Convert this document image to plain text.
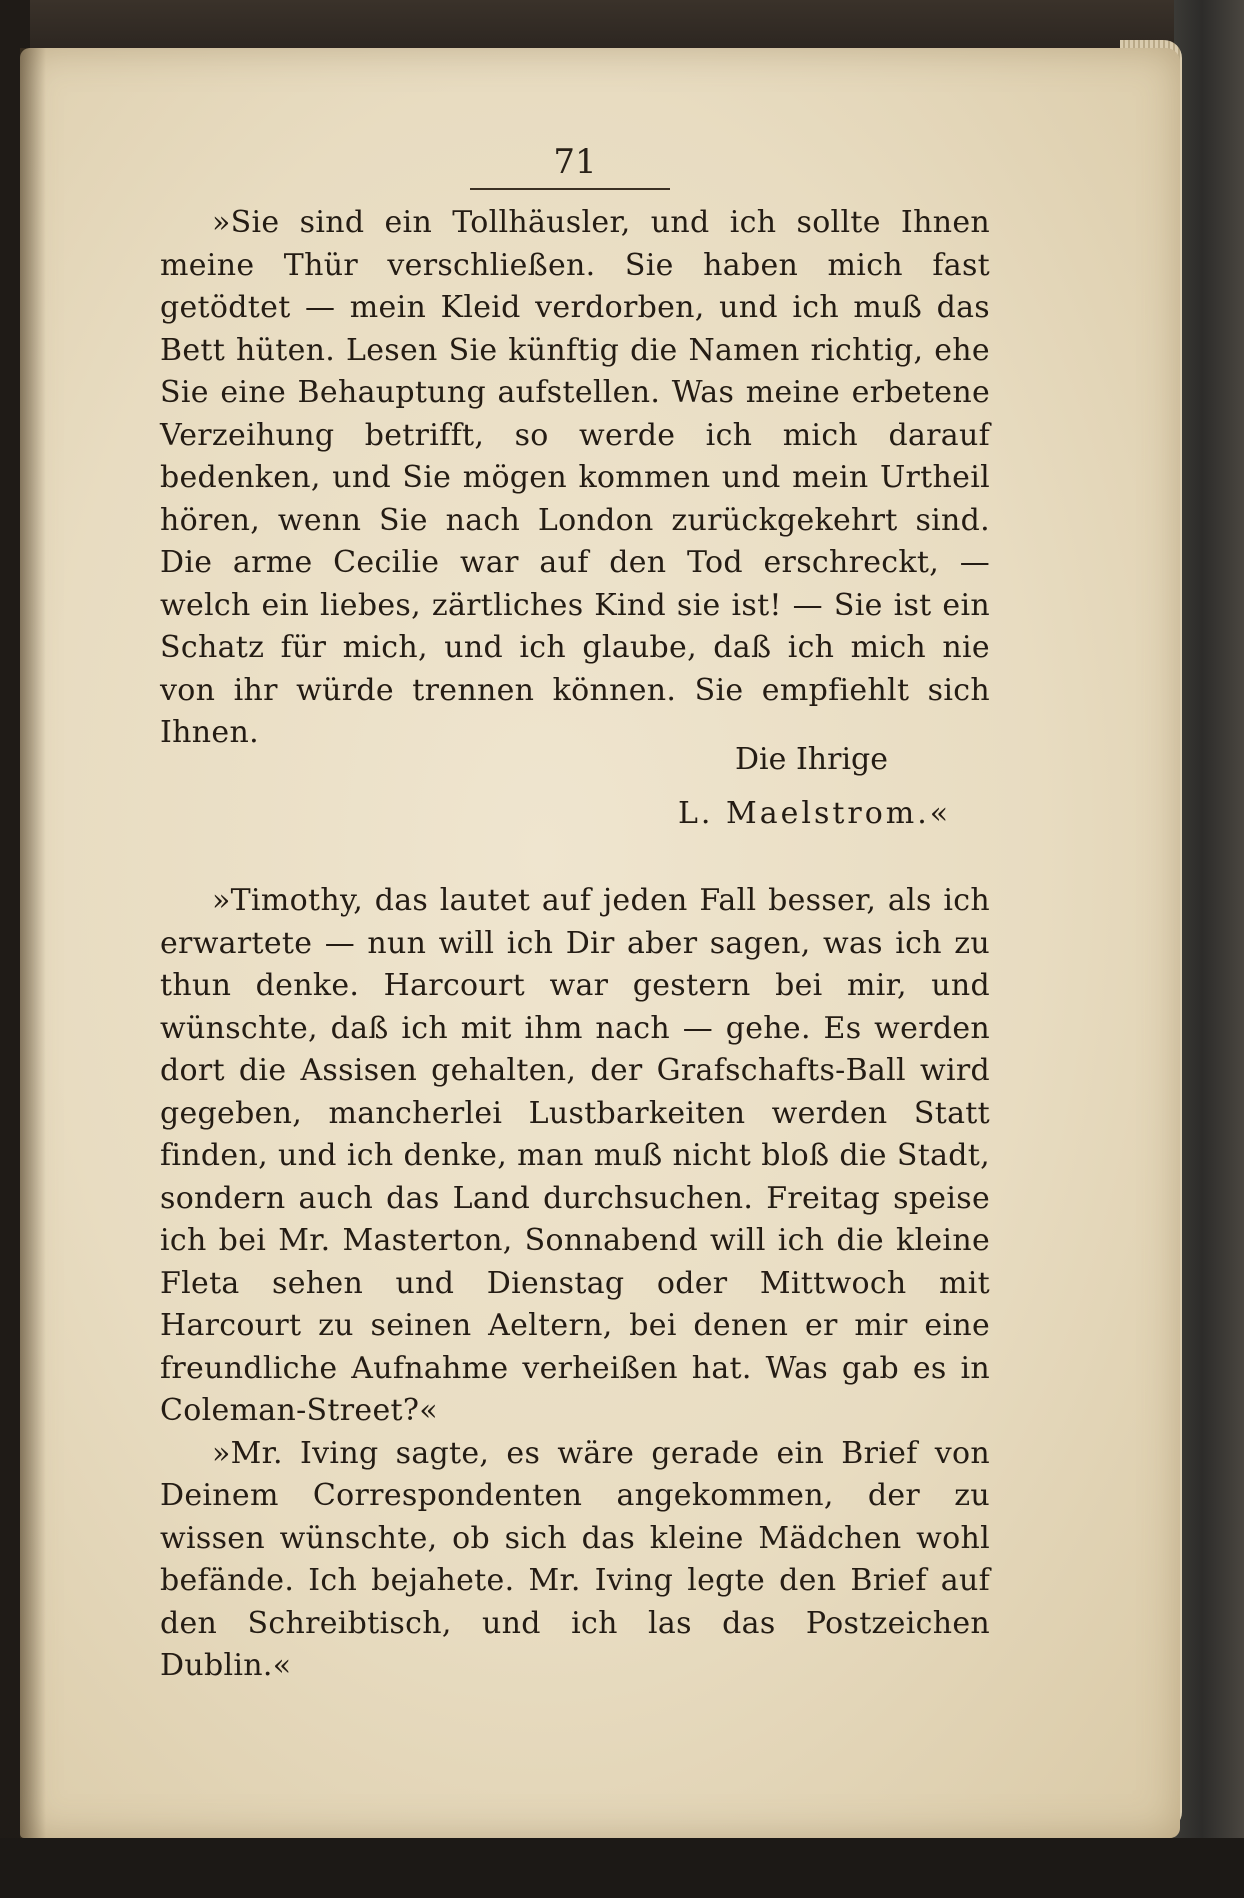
71

»Sie sind ein Tollhäusler, und ich sollte Ihnen meine Thür verschließen. Sie haben mich fast getödtet — mein Kleid verdorben, und ich muß das Bett hüten. Lesen Sie künftig die Namen richtig, ehe Sie eine Behauptung aufstellen. Was meine erbetene Verzeihung betrifft, so werde ich mich darauf bedenken, und Sie mögen kommen und mein Urtheil hören, wenn Sie nach London zurückgekehrt sind. Die arme Cecilie war auf den Tod erschreckt, — welch ein liebes, zärtliches Kind sie ist! — Sie ist ein Schatz für mich, und ich glaube, daß ich mich nie von ihr würde trennen können. Sie empfiehlt sich Ihnen.

Die Ihrige
L. Maelstrom.«

»Timothy, das lautet auf jeden Fall besser, als ich erwartete — nun will ich Dir aber sagen, was ich zu thun denke. Harcourt war gestern bei mir, und wünschte, daß ich mit ihm nach — gehe. Es werden dort die Assisen gehalten, der Grafschafts-Ball wird gegeben, mancherlei Lustbarkeiten werden Statt finden, und ich denke, man muß nicht bloß die Stadt, sondern auch das Land durchsuchen. Freitag speise ich bei Mr. Masterton, Sonnabend will ich die kleine Fleta sehen und Dienstag oder Mittwoch mit Harcourt zu seinen Aeltern, bei denen er mir eine freundliche Aufnahme verheißen hat. Was gab es in Coleman-Street?«

»Mr. Iving sagte, es wäre gerade ein Brief von Deinem Correspondenten angekommen, der zu wissen wünschte, ob sich das kleine Mädchen wohl befände. Ich bejahete. Mr. Iving legte den Brief auf den Schreibtisch, und ich las das Postzeichen Dublin.«
